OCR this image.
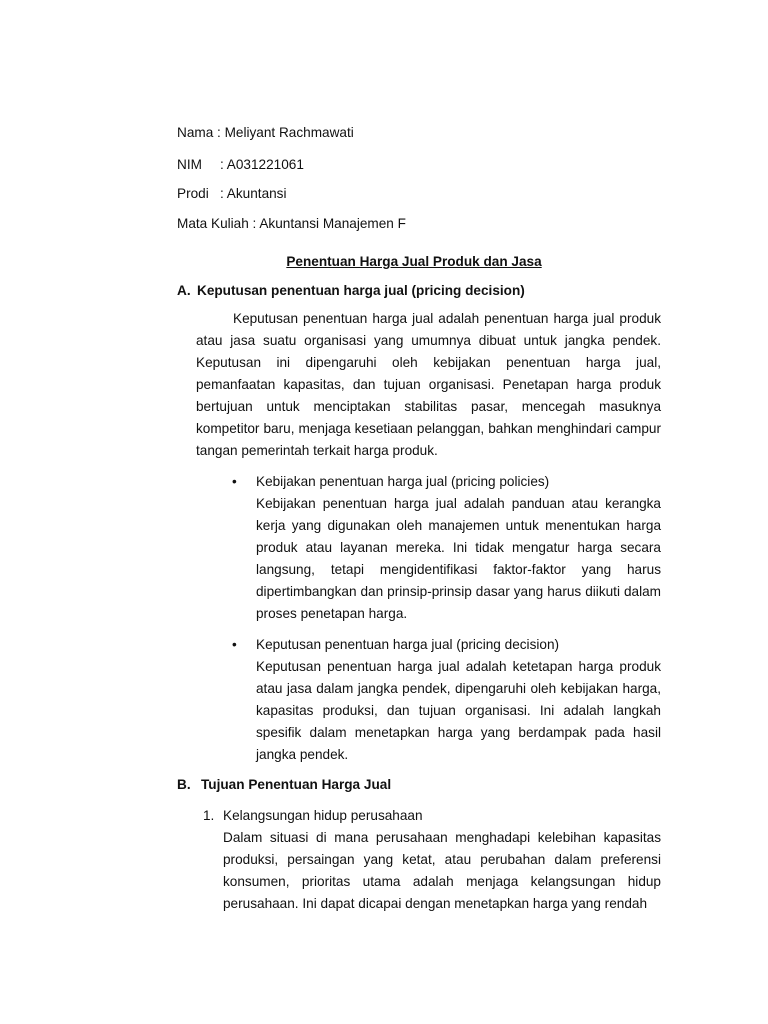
Nama : Meliyant Rachmawati
NIM : A031221061
Prodi : Akuntansi
Mata Kuliah : Akuntansi Manajemen F
Penentuan Harga Jual Produk dan Jasa
A. Keputusan penentuan harga jual (pricing decision)
Keputusan penentuan harga jual adalah penentuan harga jual produk atau jasa suatu organisasi yang umumnya dibuat untuk jangka pendek. Keputusan ini dipengaruhi oleh kebijakan penentuan harga jual, pemanfaatan kapasitas, dan tujuan organisasi. Penetapan harga produk bertujuan untuk menciptakan stabilitas pasar, mencegah masuknya kompetitor baru, menjaga kesetiaan pelanggan, bahkan menghindari campur tangan pemerintah terkait harga produk.
• Kebijakan penentuan harga jual (pricing policies)
Kebijakan penentuan harga jual adalah panduan atau kerangka kerja yang digunakan oleh manajemen untuk menentukan harga produk atau layanan mereka. Ini tidak mengatur harga secara langsung, tetapi mengidentifikasi faktor-faktor yang harus dipertimbangkan dan prinsip-prinsip dasar yang harus diikuti dalam proses penetapan harga.
• Keputusan penentuan harga jual (pricing decision)
Keputusan penentuan harga jual adalah ketetapan harga produk atau jasa dalam jangka pendek, dipengaruhi oleh kebijakan harga, kapasitas produksi, dan tujuan organisasi. Ini adalah langkah spesifik dalam menetapkan harga yang berdampak pada hasil jangka pendek.
B. Tujuan Penentuan Harga Jual
1. Kelangsungan hidup perusahaan
Dalam situasi di mana perusahaan menghadapi kelebihan kapasitas produksi, persaingan yang ketat, atau perubahan dalam preferensi konsumen, prioritas utama adalah menjaga kelangsungan hidup perusahaan. Ini dapat dicapai dengan menetapkan harga yang rendah
